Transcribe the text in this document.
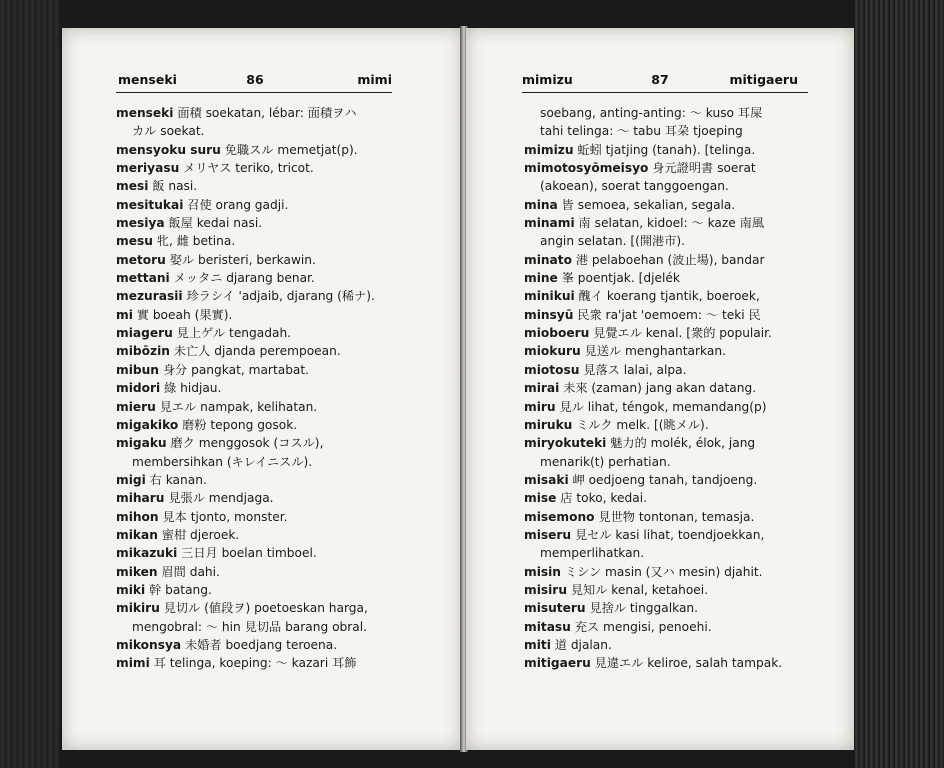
menseki	86	mimi
menseki 面積 soekatan, lébar: 面積ヲハ
カル soekat.
mensyoku suru 免職スル memetjat(p).
meriyasu メリヤス teriko, tricot.
mesi 飯 nasi.
mesitukai 召使 orang gadji.
mesiya 飯屋 kedai nasi.
mesu 牝, 雌 betina.
metoru 娶ル beristeri, berkawin.
mettani メッタニ djarang benar.
mezurasii 珍ラシイ 'adjaib, djarang (稀ナ).
mi 實 boeah (果實).
miageru 見上ゲル tengadah.
mibōzin 未亡人 djanda perempoean.
mibun 身分 pangkat, martabat.
midori 綠 hidjau.
mieru 見エル nampak, kelihatan.
migakiko 磨粉 tepong gosok.
migaku 磨ク menggosok (コスル),
membersihkan (キレイニスル).
migi 右 kanan.
miharu 見張ル mendjaga.
mihon 見本 tjonto, monster.
mikan 蜜柑 djeroek.
mikazuki 三日月 boelan timboel.
miken 眉間 dahi.
miki 幹 batang.
mikiru 見切ル (値段ヲ) poetoeskan harga,
mengobral: ～ hin 見切品 barang obral.
mikonsya 未婚者 boedjang teroena.
mimi 耳 telinga, koeping: ～ kazari 耳飾
mimizu	87	mitigaeru
soebang, anting-anting: ～ kuso 耳屎
tahi telinga: ～ tabu 耳朶 tjoeping
mimizu 蚯蚓 tjatjing (tanah). [telinga.
mimotosyōmeisyo 身元證明書 soerat
(akoean), soerat tanggoengan.
mina 皆 semoea, sekalian, segala.
minami 南 selatan, kidoel: ～ kaze 南風
angin selatan. [(開港市).
minato 港 pelaboehan (波止場), bandar
mine 峯 poentjak. [djelék
minikui 醜イ koerang tjantik, boeroek,
minsyū 民衆 ra'jat 'oemoem: ～ teki 民
mioboeru 見覺エル kenal. [衆的 populair.
miokuru 見送ル menghantarkan.
miotosu 見落ス lalai, alpa.
mirai 未來 (zaman) jang akan datang.
miru 見ル lihat, téngok, memandang(p)
miruku ミルク melk. [(眺メル).
miryokuteki 魅力的 molék, élok, jang
menarik(t) perhatian.
misaki 岬 oedjoeng tanah, tandjoeng.
mise 店 toko, kedai.
misemono 見世物 tontonan, temasja.
miseru 見セル kasi lihat, toendjoekkan,
memperlihatkan.
misin ミシン masin (又ハ mesin) djahit.
misiru 見知ル kenal, ketahoei.
misuteru 見捨ル tinggalkan.
mitasu 充ス mengisi, penoehi.
miti 道 djalan.
mitigaeru 見違エル keliroe, salah tampak.
